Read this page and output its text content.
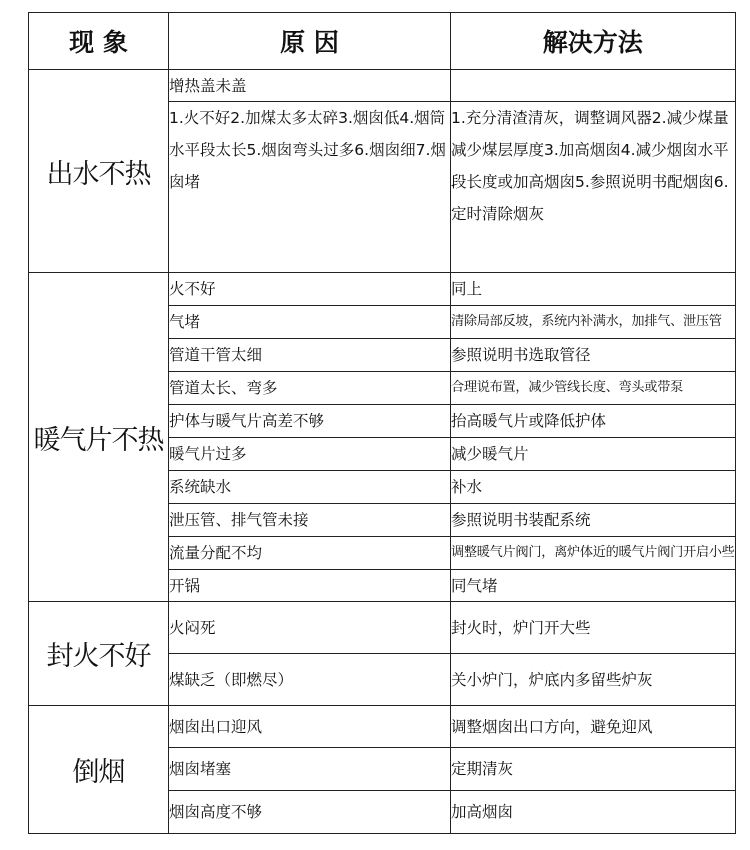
现 象	原 因	解决方法
出水不热	增热盖未盖	
	1.火不好2.加煤太多太碎3.烟囱低4.烟筒水平段太长5.烟囱弯头过多6.烟囱细7.烟囱堵	1.充分清渣清灰，调整调风器2.减少煤量减少煤层厚度3.加高烟囱4.减少烟囱水平段长度或加高烟囱5.参照说明书配烟囱6.定时清除烟灰
暖气片不热	火不好	同上
	气堵	清除局部反坡，系统内补满水，加排气、泄压管
	管道干管太细	参照说明书选取管径
	管道太长、弯多	合理说布置，减少管线长度、弯头或带泵
	护体与暖气片高差不够	抬高暖气片或降低护体
	暖气片过多	减少暖气片
	系统缺水	补水
	泄压管、排气管未接	参照说明书装配系统
	流量分配不均	调整暖气片阀门，离炉体近的暖气片阀门开启小些
	开锅	同气堵
封火不好	火闷死	封火时，炉门开大些
	煤缺乏（即燃尽）	关小炉门，炉底内多留些炉灰
倒烟	烟囱出口迎风	调整烟囱出口方向，避免迎风
	烟囱堵塞	定期清灰
	烟囱高度不够	加高烟囱
